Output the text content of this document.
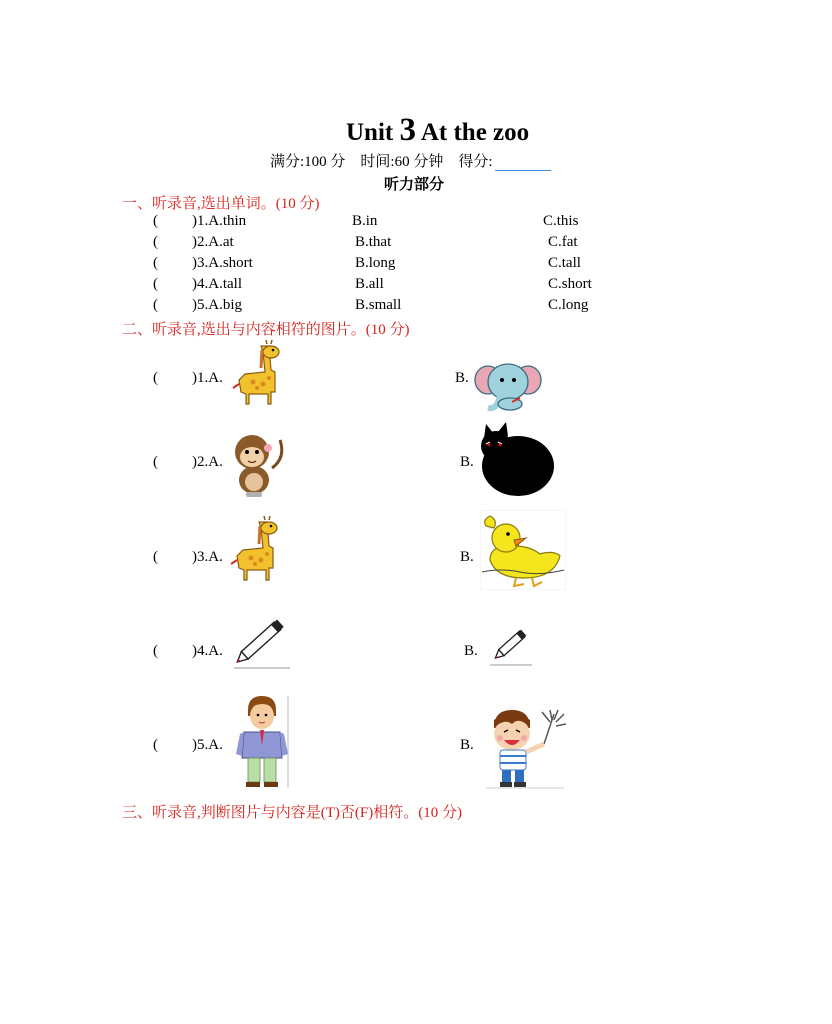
Unit 3 At the zoo
满分:100 分 时间:60 分钟 得分:
听力部分
一、听录音,选出单词。(10 分)
( )1.A.thin	B.in	C.this
( )2.A.at	B.that	C.fat
( )3.A.short	B.long	C.tall
( )4.A.tall	B.all	C.short
( )5.A.big	B.small	C.long
二、听录音,选出与内容相符的图片。(10 分)
( )1.A.	B.
( )2.A.	B.
( )3.A.	B.
( )4.A.	B.
( )5.A.	B.
三、听录音,判断图片与内容是(T)否(F)相符。(10 分)
